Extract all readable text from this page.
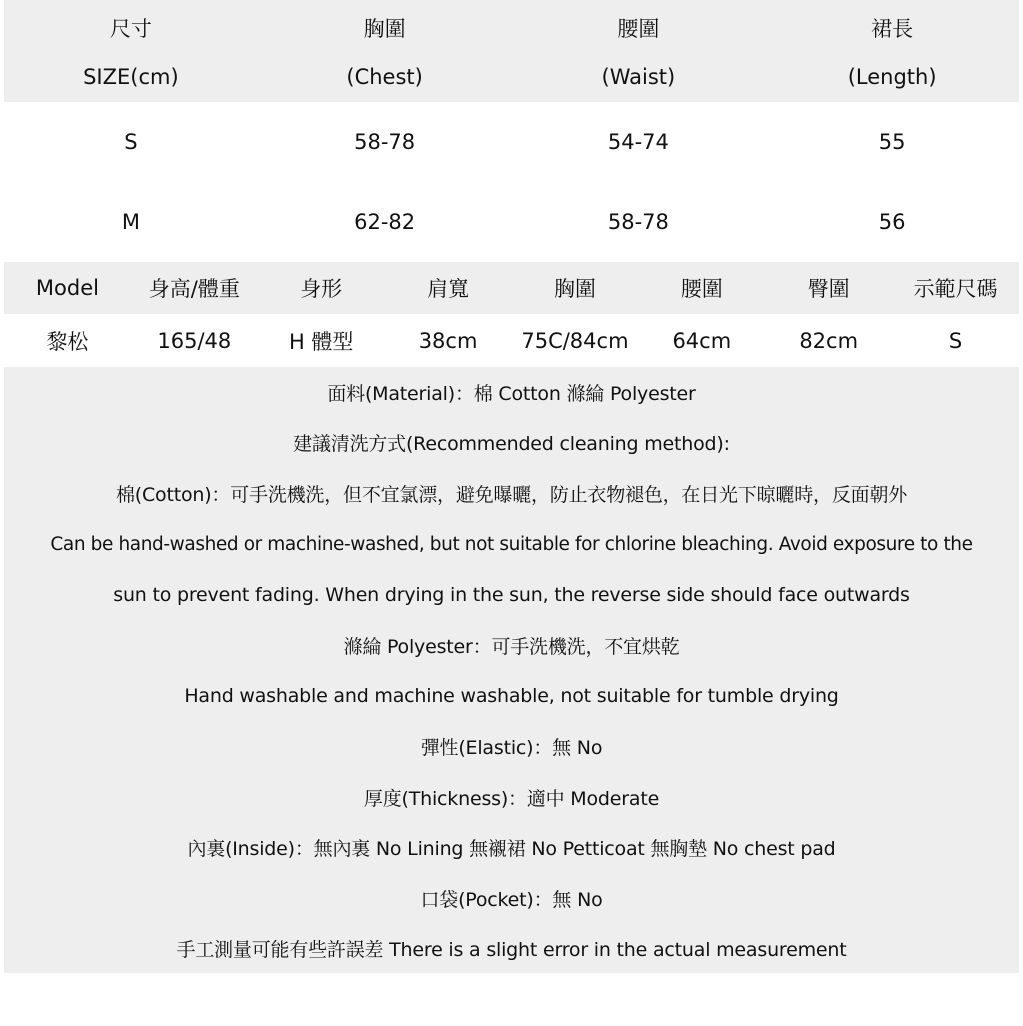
尺寸	胸圍	腰圍	裙長
SIZE(cm)	(Chest)	(Waist)	(Length)
S	58-78	54-74	55
M	62-82	58-78	56
Model	身高/體重	身形	肩寬	胸圍	腰圍	臀圍	示範尺碼
黎松	165/48	H 體型	38cm	75C/84cm	64cm	82cm	S
面料(Material)：棉 Cotton 滌綸 Polyester
建議清洗方式(Recommended cleaning method):
棉(Cotton)：可手洗機洗，但不宜氯漂，避免曝曬，防止衣物褪色，在日光下晾曬時，反面朝外
Can be hand-washed or machine-washed, but not suitable for chlorine bleaching. Avoid exposure to the
sun to prevent fading. When drying in the sun, the reverse side should face outwards
滌綸 Polyester：可手洗機洗，不宜烘乾
Hand washable and machine washable, not suitable for tumble drying
彈性(Elastic)：無 No
厚度(Thickness)：適中 Moderate
內裏(Inside)：無內裏 No Lining 無襯裙 No Petticoat 無胸墊 No chest pad
口袋(Pocket)：無 No
手工測量可能有些許誤差 There is a slight error in the actual measurement
